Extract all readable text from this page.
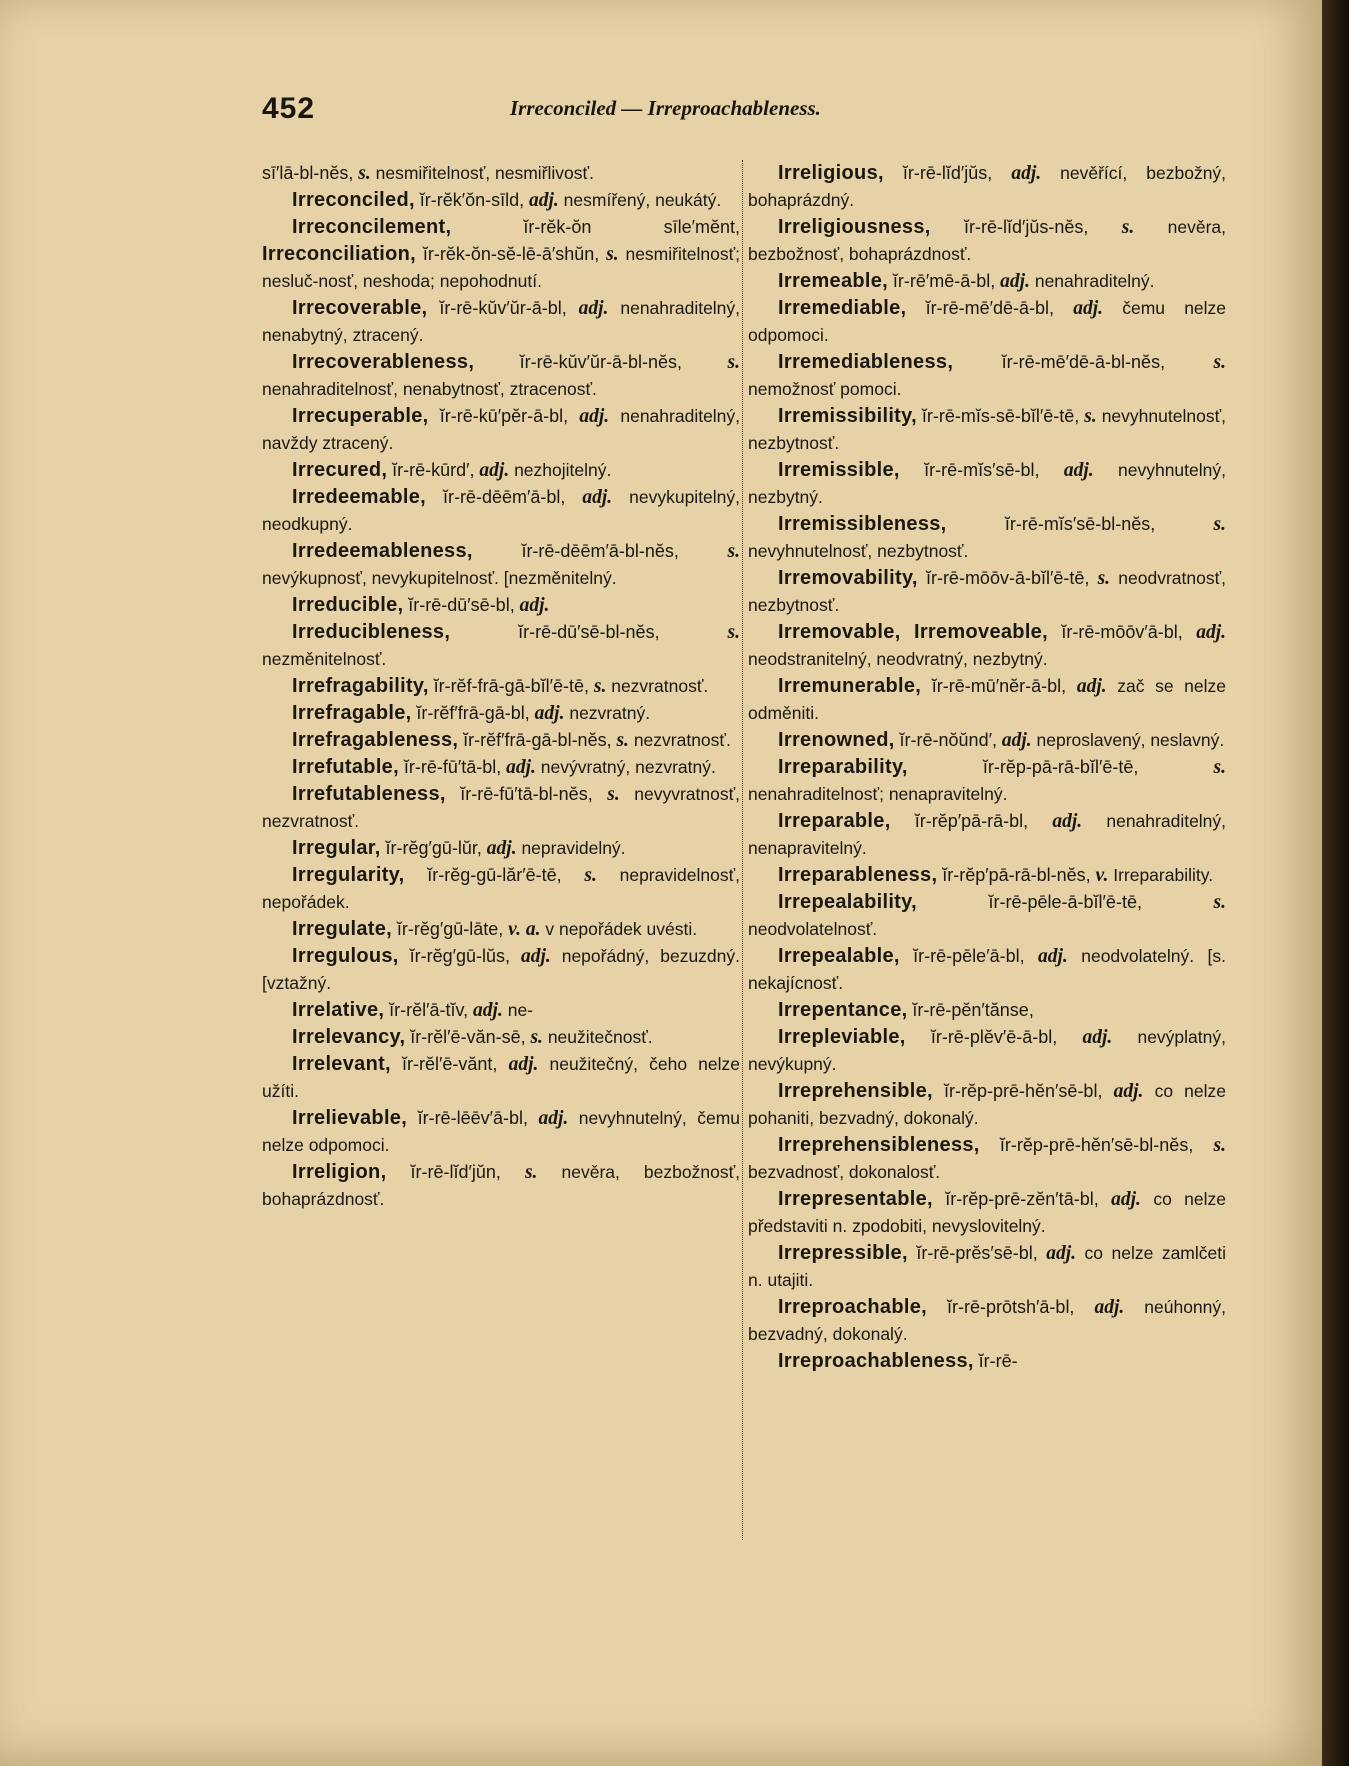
452	Irreconciled — Irreproachableness.

sī′lā-bl-nĕs, s. nesmiřitelnosť, nesmiřlivosť.

Irreconciled, ĭr-rĕk′ŏn-sīld, adj. nesmířený, neukátý.

Irreconcilement,	ĭr-rĕk-ŏn sīle′mĕnt, Irreconciliation, ĭr-rĕk-ŏn-sĕ-lē-ā′shŭn, s. nesmiřitelnosť; nesluč-nosť, neshoda; nepohodnutí.

Irrecoverable, ĭr-rē-kŭv′ŭr-ā-bl, adj. nenahraditelný, nenabytný, ztracený.

Irrecoverableness,	ĭr-rē-kŭv′ŭr-ā-bl-nĕs, s. nenahraditelnosť, nenabytnosť, ztracenosť.

Irrecuperable, ĭr-rē-kū′pĕr-ā-bl, adj. nenahraditelný, navždy ztracený.

Irrecured, ĭr-rē-kūrd′, adj. nezhojitelný.

Irredeemable, ĭr-rē-dēēm′ā-bl, adj. nevykupitelný, neodkupný.

Irredeemableness,	ĭr-rē-dēēm′ā-bl-nĕs, s. nevýkupnosť, nevykupitelnosť. [nezměnitelný.

Irreducible, ĭr-rē-dū′sē-bl, adj.

Irreducibleness,	ĭr-rē-dū′sē-bl-nĕs,	s. nezměnitelnosť.

Irrefragability, ĭr-rĕf-frā-gā-bĭl′ē-tē, s. nezvratnosť.

Irrefragable, ĭr-rĕf′frā-gā-bl, adj. nezvratný.

Irrefragableness, ĭr-rĕf′frā-gā-bl-nĕs, s. nezvratnosť.

Irrefutable, ĭr-rē-fū′tā-bl, adj. nevývratný, nezvratný.

Irrefutableness, ĭr-rē-fū′tā-bl-nĕs, s. nevyvratnosť, nezvratnosť.

Irregular, ĭr-rĕg′gū-lŭr, adj. nepravidelný.

Irregularity, ĭr-rĕg-gū-lăr′ē-tē, s. nepravidelnosť, nepořádek.

Irregulate, ĭr-rĕg′gū-lāte, v. a. v nepořádek uvésti.

Irregulous, ĭr-rĕg′gū-lŭs, adj. nepořádný, bezuzdný. [vztažný.

Irrelative, ĭr-rĕl′ā-tĭv, adj. ne-

Irrelevancy, ĭr-rĕl′ē-văn-sē, s. neužitečnosť.

Irrelevant, ĭr-rĕl′ē-vănt, adj. neužitečný, čeho nelze užíti.

Irrelievable, ĭr-rē-lēēv′ā-bl, adj. nevyhnutelný, čemu nelze odpomoci.

Irreligion, ĭr-rē-lĭd′jŭn, s. nevěra, bezbožnosť, bohaprázdnosť.

Irreligious, ĭr-rē-lĭd′jŭs, adj. nevěřící, bezbožný, bohaprázdný.

Irreligiousness, ĭr-rē-lĭd′jŭs-nĕs, s. nevěra, bezbožnosť, bohaprázdnosť.

Irremeable, ĭr-rē′mē-ā-bl, adj. nenahraditelný.

Irremediable, ĭr-rē-mē′dē-ā-bl, adj. čemu nelze odpomoci.

Irremediableness,	ĭr-rē-mē′dē-ā-bl-nĕs, s. nemožnosť pomoci.

Irremissibility, ĭr-rē-mĭs-sē-bĭl′ē-tē, s. nevyhnutelnosť, nezbytnosť.

Irremissible, ĭr-rē-mĭs′sē-bl, adj. nevyhnutelný, nezbytný.

Irremissibleness,	ĭr-rē-mĭs′sē-bl-nĕs,	s. nevyhnutelnosť, nezbytnosť.

Irremovability, ĭr-rē-mōōv-ā-bĭl′ē-tē, s. neodvratnosť, nezbytnosť.

Irremovable, Irremoveable, ĭr-rē-mōōv′ā-bl, adj. neodstranitelný, neodvratný, nezbytný.

Irremunerable, ĭr-rē-mū′nĕr-ā-bl, adj. zač se nelze odměniti.

Irrenowned, ĭr-rē-nŏŭnd′, adj. neproslavený, neslavný.

Irreparability,	ĭr-rĕp-pā-rā-bĭl′ē-tē,	s. nenahraditelnosť; nenapravitelný.

Irreparable, ĭr-rĕp′pā-rā-bl, adj. nenahraditelný, nenapravitelný.

Irreparableness, ĭr-rĕp′pā-rā-bl-nĕs, v. Irreparability.

Irrepealability,	ĭr-rē-pēle-ā-bĭl′ē-tē,	s. neodvolatelnosť.

Irrepealable, ĭr-rē-pēle′ā-bl, adj. neodvolatelný. [s. nekajícnosť.

Irrepentance, ĭr-rē-pĕn′tănse,

Irrepleviable, ĭr-rē-plĕv′ē-ā-bl, adj. nevýplatný, nevýkupný.

Irreprehensible, ĭr-rĕp-prē-hĕn′sē-bl, adj. co nelze pohaniti, bezvadný, dokonalý.

Irreprehensibleness, ĭr-rĕp-prē-hĕn′sē-bl-nĕs, s. bezvadnosť, dokonalosť.

Irrepresentable, ĭr-rĕp-prē-zĕn′tā-bl, adj. co nelze představiti n. zpodobiti, nevyslovitelný.

Irrepressible, ĭr-rē-prĕs′sē-bl, adj. co nelze zamlčeti n. utajiti.

Irreproachable, ĭr-rē-prōtsh′ā-bl, adj. neúhonný, bezvadný, dokonalý.

Irreproachableness, ĭr-rē-
